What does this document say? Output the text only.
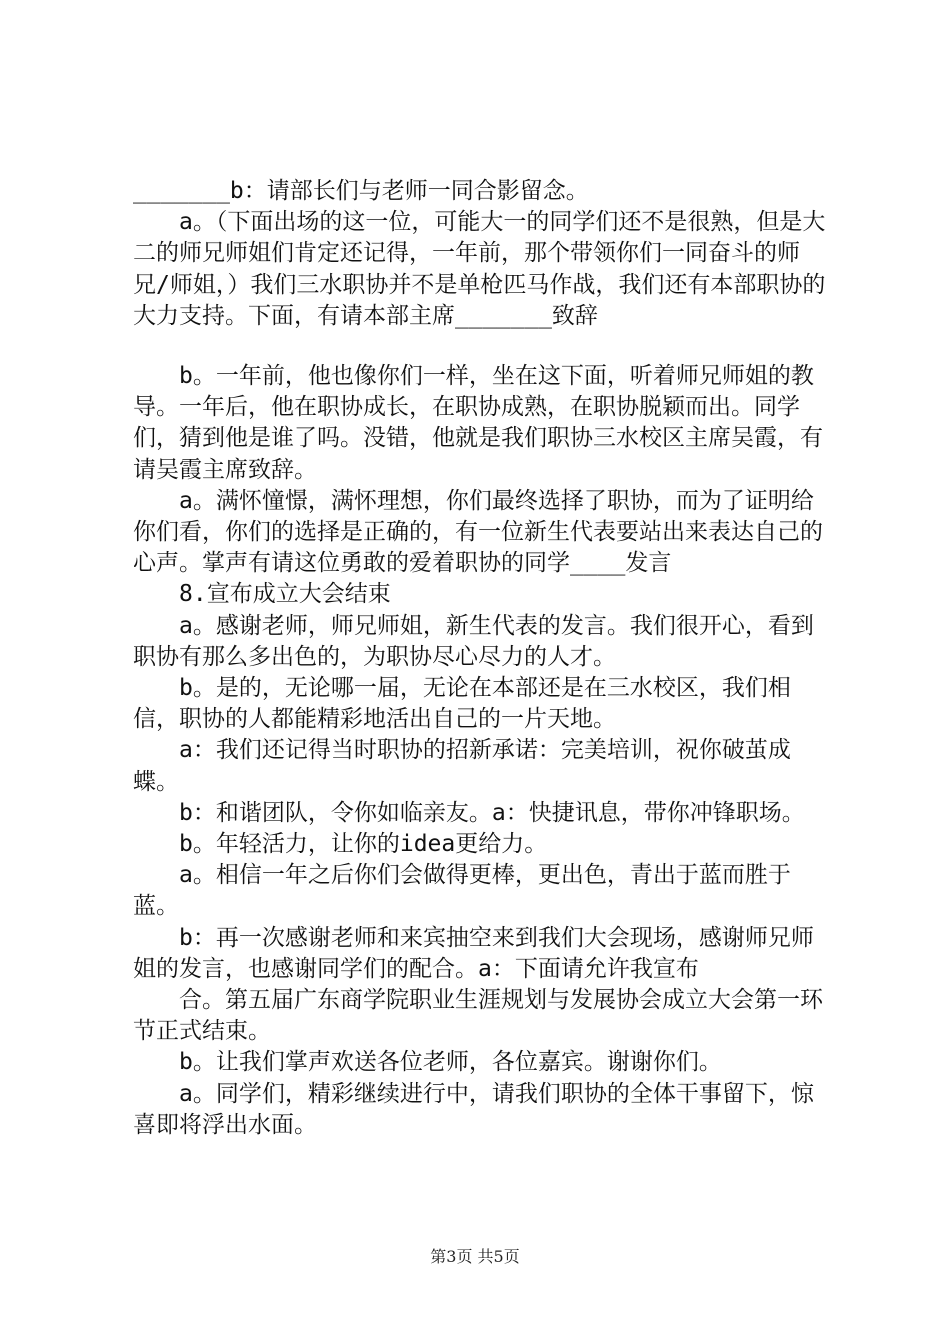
_______b：请部长们与老师一同合影留念。

a。（下面出场的这一位，可能大一的同学们还不是很熟，但是大二的师兄师姐们肯定还记得，一年前，那个带领你们一同奋斗的师兄/师姐，）我们三水职协并不是单枪匹马作战，我们还有本部职协的大力支持。下面，有请本部主席_______致辞

b。一年前，他也像你们一样，坐在这下面，听着师兄师姐的教导。一年后，他在职协成长，在职协成熟，在职协脱颖而出。同学们，猜到他是谁了吗。没错，他就是我们职协三水校区主席吴霞，有请吴霞主席致辞。

a。满怀憧憬，满怀理想，你们最终选择了职协，而为了证明给你们看，你们的选择是正确的，有一位新生代表要站出来表达自己的心声。掌声有请这位勇敢的爱着职协的同学____发言

8.宣布成立大会结束

a。感谢老师，师兄师姐，新生代表的发言。我们很开心，看到职协有那么多出色的，为职协尽心尽力的人才。

b。是的，无论哪一届，无论在本部还是在三水校区，我们相信，职协的人都能精彩地活出自己的一片天地。

a：我们还记得当时职协的招新承诺：完美培训，祝你破茧成蝶。

b：和谐团队，令你如临亲友。a：快捷讯息，带你冲锋职场。

b。年轻活力，让你的idea更给力。

a。相信一年之后你们会做得更棒，更出色，青出于蓝而胜于蓝。

b：再一次感谢老师和来宾抽空来到我们大会现场，感谢师兄师姐的发言，也感谢同学们的配合。a：下面请允许我宣布

合。第五届广东商学院职业生涯规划与发展协会成立大会第一环节正式结束。

b。让我们掌声欢送各位老师，各位嘉宾。谢谢你们。

a。同学们，精彩继续进行中，请我们职协的全体干事留下，惊喜即将浮出水面。

第3页 共5页
